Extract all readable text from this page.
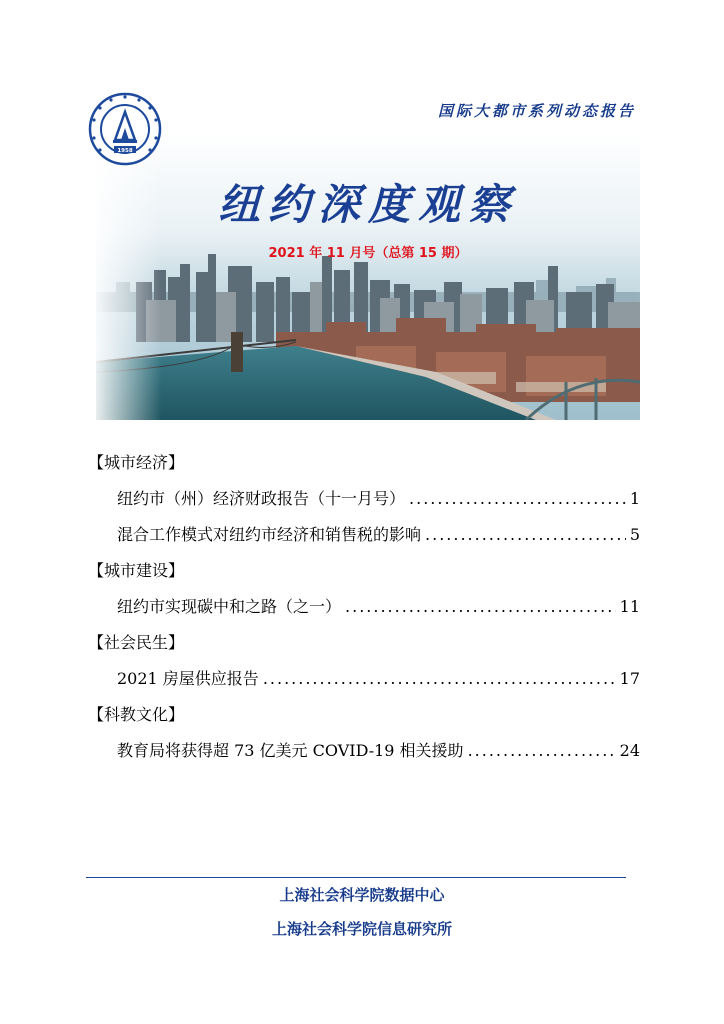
国际大都市系列动态报告
1958
纽约深度观察
2021 年 11 月号（总第 15 期）
【城市经济】
纽约市（州）经济财政报告（十一月号） .....	1
混合工作模式对纽约市经济和销售税的影响 .....	5
【城市建设】
纽约市实现碳中和之路（之一） .....	11
【社会民生】
2021 房屋供应报告 .....	17
【科教文化】
教育局将获得超 73 亿美元 COVID-19 相关援助 .....	24
上海社会科学院数据中心
上海社会科学院信息研究所
